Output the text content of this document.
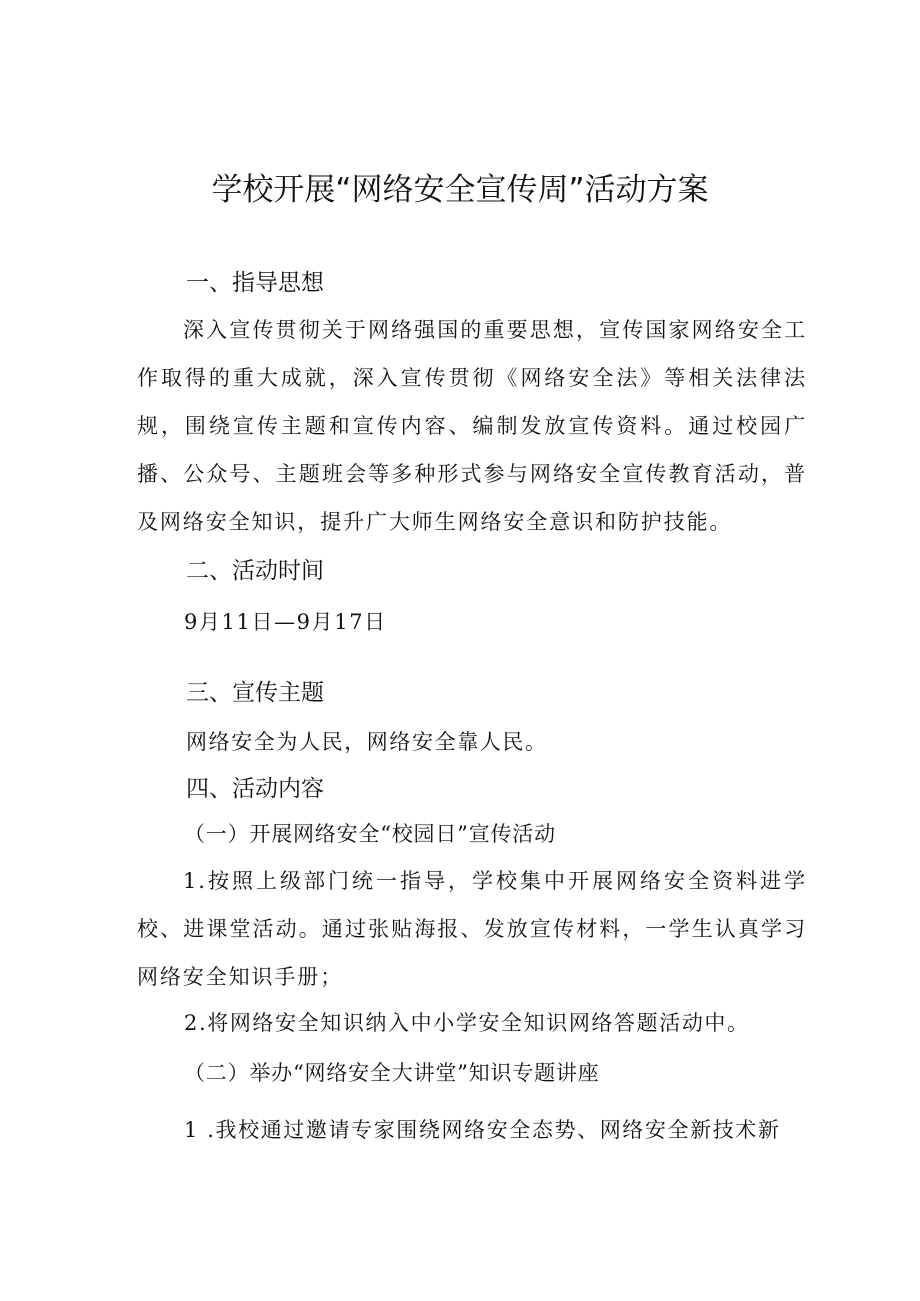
学校开展“网络安全宣传周”活动方案
一、指导思想

深入宣传贯彻关于网络强国的重要思想，宣传国家网络安全工作取得的重大成就，深入宣传贯彻《网络安全法》等相关法律法规，围绕宣传主题和宣传内容、编制发放宣传资料。通过校园广播、公众号、主题班会等多种形式参与网络安全宣传教育活动，普及网络安全知识，提升广大师生网络安全意识和防护技能。

二、活动时间
9月11日—9月17日
三、宣传主题
网络安全为人民，网络安全靠人民。
四、活动内容
（一）开展网络安全“校园日”宣传活动

1.按照上级部门统一指导，学校集中开展网络安全资料进学校、进课堂活动。通过张贴海报、发放宣传材料，一学生认真学习网络安全知识手册；

2.将网络安全知识纳入中小学安全知识网络答题活动中。
（二）举办“网络安全大讲堂”知识专题讲座
1 .我校通过邀请专家围绕网络安全态势、网络安全新技术新
